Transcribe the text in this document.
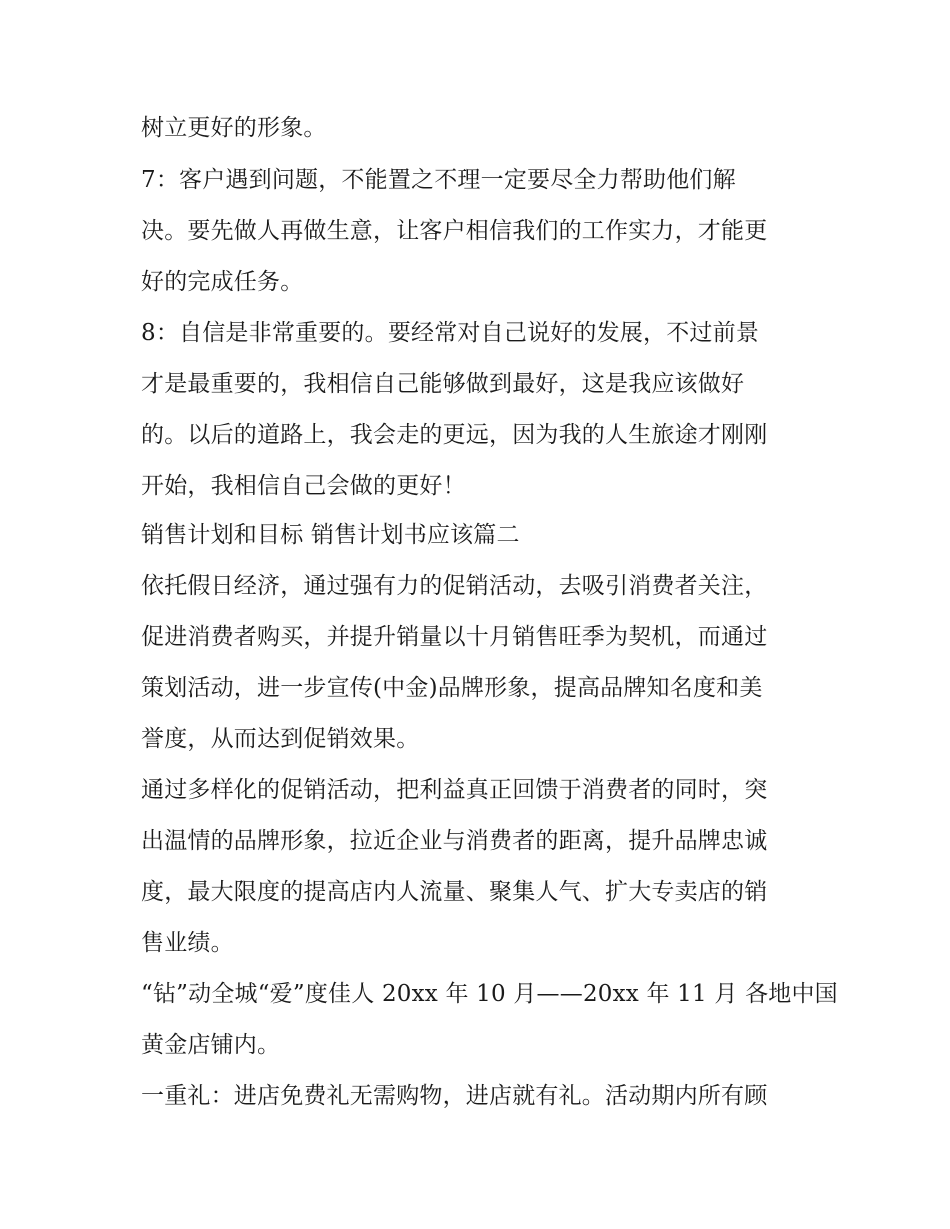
树立更好的形象。
7：客户遇到问题，不能置之不理一定要尽全力帮助他们解
决。要先做人再做生意，让客户相信我们的工作实力，才能更
好的完成任务。
8：自信是非常重要的。要经常对自己说好的发展，不过前景
才是最重要的，我相信自己能够做到最好，这是我应该做好
的。以后的道路上，我会走的更远，因为我的人生旅途才刚刚
开始，我相信自己会做的更好！
销售计划和目标 销售计划书应该篇二
依托假日经济，通过强有力的促销活动，去吸引消费者关注，
促进消费者购买，并提升销量以十月销售旺季为契机，而通过
策划活动，进一步宣传(中金)品牌形象，提高品牌知名度和美
誉度，从而达到促销效果。
通过多样化的促销活动，把利益真正回馈于消费者的同时，突
出温情的品牌形象，拉近企业与消费者的距离，提升品牌忠诚
度，最大限度的提高店内人流量、聚集人气、扩大专卖店的销
售业绩。
“钻”动全城“爱”度佳人 20xx 年 10 月——20xx 年 11 月 各地中国
黄金店铺内。
一重礼：进店免费礼无需购物，进店就有礼。活动期内所有顾
